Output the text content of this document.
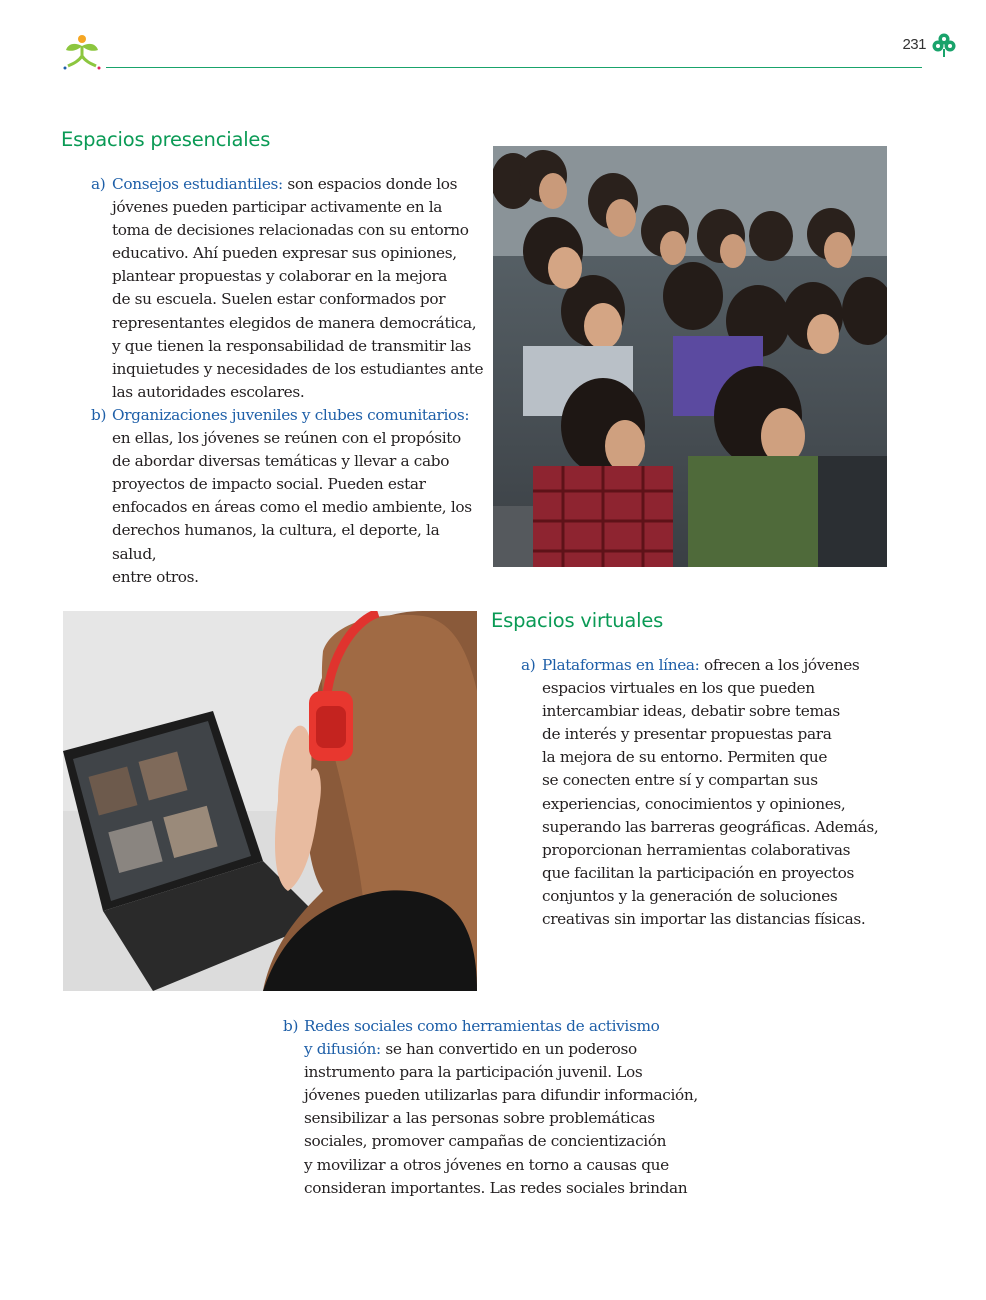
231
Espacios presenciales
a) Consejos estudiantiles: son espacios donde los

jóvenes pueden participar activamente en la

toma de decisiones relacionadas con su entorno

educativo. Ahí pueden expresar sus opiniones,

plantear propuestas y colaborar en la mejora

de su escuela. Suelen estar conformados por

representantes elegidos de manera democrática,

y que tienen la responsabilidad de transmitir las

inquietudes y necesidades de los estudiantes ante

las autoridades escolares.

b) Organizaciones juveniles y clubes comunitarios:

en ellas, los jóvenes se reúnen con el propósito

de abordar diversas temáticas y llevar a cabo

proyectos de impacto social. Pueden estar

enfocados en áreas como el medio ambiente, los

derechos humanos, la cultura, el deporte, la salud,

entre otros.

Espacios virtuales
a) Plataformas en línea: ofrecen a los jóvenes

espacios virtuales en los que pueden

intercambiar ideas, debatir sobre temas

de interés y presentar propuestas para

la mejora de su entorno. Permiten que

se conecten entre sí y compartan sus

experiencias, conocimientos y opiniones,

superando las barreras geográficas. Además,

proporcionan herramientas colaborativas

que facilitan la participación en proyectos

conjuntos y la generación de soluciones

creativas sin importar las distancias físicas.

b) Redes sociales como herramientas de activismo

y difusión: se han convertido en un poderoso

instrumento para la participación juvenil. Los

jóvenes pueden utilizarlas para difundir información,

sensibilizar a las personas sobre problemáticas

sociales, promover campañas de concientización

y movilizar a otros jóvenes en torno a causas que

consideran importantes. Las redes sociales brindan
